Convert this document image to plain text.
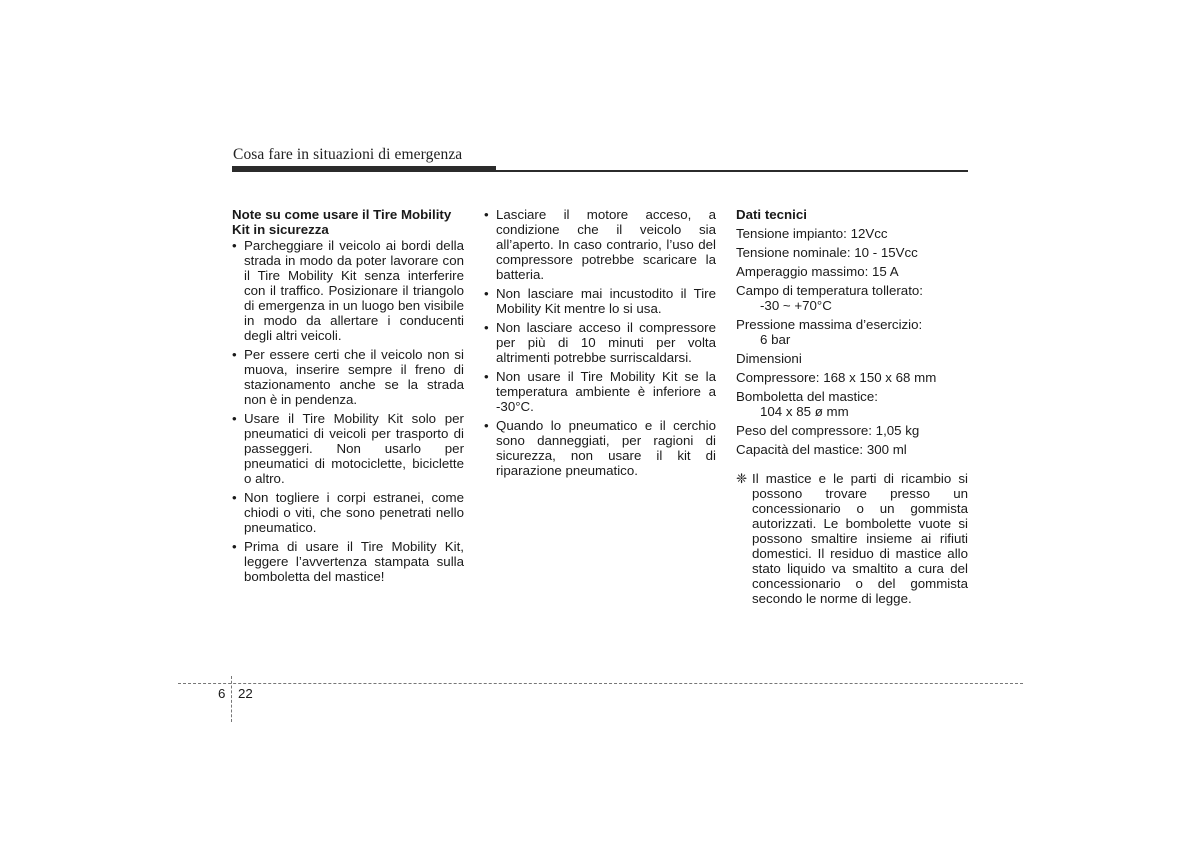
Cosa fare in situazioni di emergenza
Note su come usare il Tire Mobility Kit in sicurezza
• Parcheggiare il veicolo ai bordi della strada in modo da poter lavorare con il Tire Mobility Kit senza interferire con il traffico. Posizionare il triangolo di emergenza in un luogo ben visibile in modo da allertare i conducenti degli altri veicoli.
• Per essere certi che il veicolo non si muova, inserire sempre il freno di stazionamento anche se la strada non è in pendenza.
• Usare il Tire Mobility Kit solo per pneumatici di veicoli per trasporto di passeggeri. Non usarlo per pneumatici di motociclette, biciclette o altro.
• Non togliere i corpi estranei, come chiodi o viti, che sono penetrati nello pneumatico.
• Prima di usare il Tire Mobility Kit, leggere l’avvertenza stampata sulla bomboletta del mastice!
• Lasciare il motore acceso, a condizione che il veicolo sia all’aperto. In caso contrario, l’uso del compressore potrebbe scaricare la batteria.
• Non lasciare mai incustodito il Tire Mobility Kit mentre lo si usa.
• Non lasciare acceso il compressore per più di 10 minuti per volta altrimenti potrebbe surriscaldarsi.
• Non usare il Tire Mobility Kit se la temperatura ambiente è inferiore a -30°C.
• Quando lo pneumatico e il cerchio sono danneggiati, per ragioni di sicurezza, non usare il kit di riparazione pneumatico.
Dati tecnici
Tensione impianto: 12Vcc
Tensione nominale: 10 - 15Vcc
Amperaggio massimo: 15 A
Campo di temperatura tollerato:
-30 ~ +70°C
Pressione massima d’esercizio:
6 bar
Dimensioni
Compressore: 168 x 150 x 68 mm
Bomboletta del mastice:
104 x 85 ø mm
Peso del compressore: 1,05 kg
Capacità del mastice: 300 ml
❈ Il mastice e le parti di ricambio si possono trovare presso un concessionario o un gommista autorizzati. Le bombolette vuote si possono smaltire insieme ai rifiuti domestici. Il residuo di mastice allo stato liquido va smaltito a cura del concessionario o del gommista secondo le norme di legge.
6 22
